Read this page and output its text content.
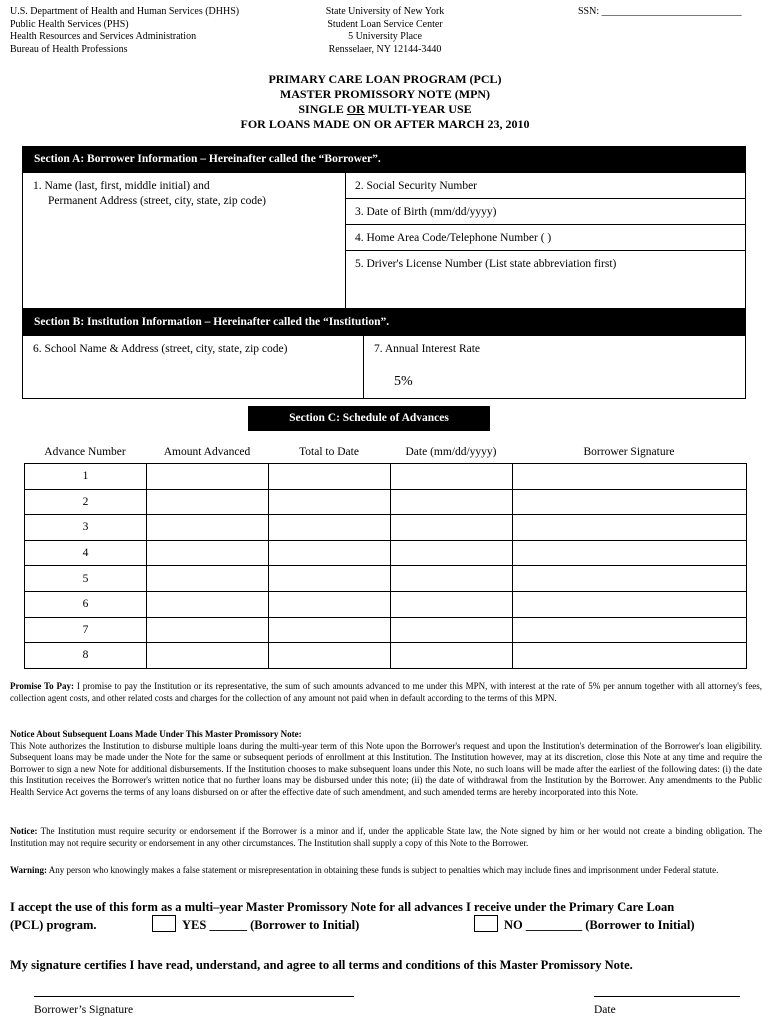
U.S. Department of Health and Human Services (DHHS)
Public Health Services (PHS)
Health Resources and Services Administration
Bureau of Health Professions
State University of New York
Student Loan Service Center
5 University Place
Rensselaer, NY 12144-3440
SSN: ____________________________
PRIMARY CARE LOAN PROGRAM (PCL)
MASTER PROMISSORY NOTE (MPN)
SINGLE OR MULTI-YEAR USE
FOR LOANS MADE ON OR AFTER MARCH 23, 2010
Section A: Borrower Information – Hereinafter called the “Borrower”.
1. Name (last, first, middle initial) and
Permanent Address (street, city, state, zip code)
2. Social Security Number
3. Date of Birth (mm/dd/yyyy)
4. Home Area Code/Telephone Number ( )
5. Driver's License Number (List state abbreviation first)
Section B: Institution Information – Hereinafter called the “Institution”.
6. School Name & Address (street, city, state, zip code)	7. Annual Interest Rate
5%
Section C: Schedule of Advances
Advance Number	Amount Advanced	Total to Date	Date (mm/dd/yyyy)	Borrower Signature
1				
2				
3				
4				
5				
6				
7				
8				
Promise To Pay: I promise to pay the Institution or its representative, the sum of such amounts advanced to me under this MPN, with interest at the rate of 5% per annum together with all attorney's fees, collection agent costs, and other related costs and charges for the collection of any amount not paid when in default according to the terms of this MPN.
Notice About Subsequent Loans Made Under This Master Promissory Note:
This Note authorizes the Institution to disburse multiple loans during the multi-year term of this Note upon the Borrower's request and upon the Institution's determination of the Borrower's loan eligibility. Subsequent loans may be made under the Note for the same or subsequent periods of enrollment at this Institution. The Institution however, may at its discretion, close this Note at any time and require the Borrower to sign a new Note for additional disbursements. If the Institution chooses to make subsequent loans under this Note, no such loans will be made after the earliest of the following dates: (i) the date this Institution receives the Borrower's written notice that no further loans may be disbursed under this note; (ii) the date of withdrawal from the Institution by the Borrower. Any amendments to the Public Health Service Act governs the terms of any loans disbursed on or after the effective date of such amendment, and such amended terms are hereby incorporated into this Note.
Notice: The Institution must require security or endorsement if the Borrower is a minor and if, under the applicable State law, the Note signed by him or her would not create a binding obligation. The Institution may not require security or endorsement in any other circumstances. The Institution shall supply a copy of this Note to the Borrower.
Warning: Any person who knowingly makes a false statement or misrepresentation in obtaining these funds is subject to penalties which may include fines and imprisonment under Federal statute.
I accept the use of this form as a multi–year Master Promissory Note for all advances I receive under the Primary Care Loan
(PCL) program.	YES ______ (Borrower to Initial)	NO _________ (Borrower to Initial)
My signature certifies I have read, understand, and agree to all terms and conditions of this Master Promissory Note.
Borrower’s Signature	Date
